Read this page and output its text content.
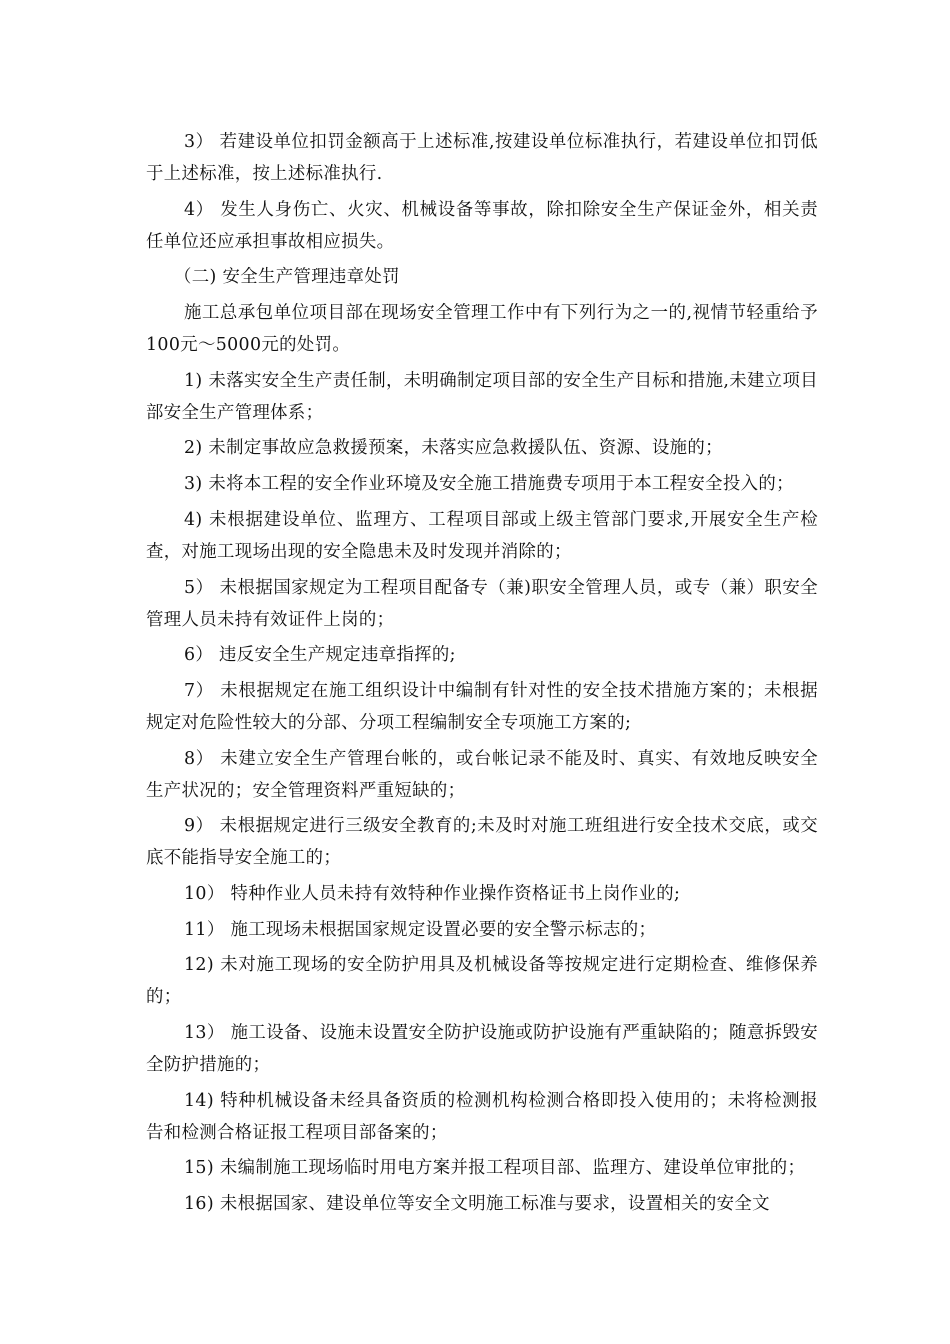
3） 若建设单位扣罚金额高于上述标准,按建设单位标准执行，若建设单位扣罚低于上述标准，按上述标准执行.

4） 发生人身伤亡、火灾、机械设备等事故，除扣除安全生产保证金外，相关责任单位还应承担事故相应损失。

（二) 安全生产管理违章处罚

施工总承包单位项目部在现场安全管理工作中有下列行为之一的,视情节轻重给予100元～5000元的处罚。

1) 未落实安全生产责任制，未明确制定项目部的安全生产目标和措施,未建立项目部安全生产管理体系；

2) 未制定事故应急救援预案，未落实应急救援队伍、资源、设施的；

3) 未将本工程的安全作业环境及安全施工措施费专项用于本工程安全投入的；

4) 未根据建设单位、监理方、工程项目部或上级主管部门要求,开展安全生产检查，对施工现场出现的安全隐患未及时发现并消除的；

5） 未根据国家规定为工程项目配备专（兼)职安全管理人员，或专（兼）职安全管理人员未持有效证件上岗的；

6） 违反安全生产规定违章指挥的;

7） 未根据规定在施工组织设计中编制有针对性的安全技术措施方案的；未根据规定对危险性较大的分部、分项工程编制安全专项施工方案的;

8） 未建立安全生产管理台帐的，或台帐记录不能及时、真实、有效地反映安全生产状况的；安全管理资料严重短缺的；

9） 未根据规定进行三级安全教育的;未及时对施工班组进行安全技术交底，或交底不能指导安全施工的；

10） 特种作业人员未持有效特种作业操作资格证书上岗作业的;

11） 施工现场未根据国家规定设置必要的安全警示标志的；

12) 未对施工现场的安全防护用具及机械设备等按规定进行定期检查、维修保养的；

13） 施工设备、设施未设置安全防护设施或防护设施有严重缺陷的；随意拆毁安全防护措施的；

14) 特种机械设备未经具备资质的检测机构检测合格即投入使用的；未将检测报告和检测合格证报工程项目部备案的；

15) 未编制施工现场临时用电方案并报工程项目部、监理方、建设单位审批的；

16) 未根据国家、建设单位等安全文明施工标准与要求，设置相关的安全文
